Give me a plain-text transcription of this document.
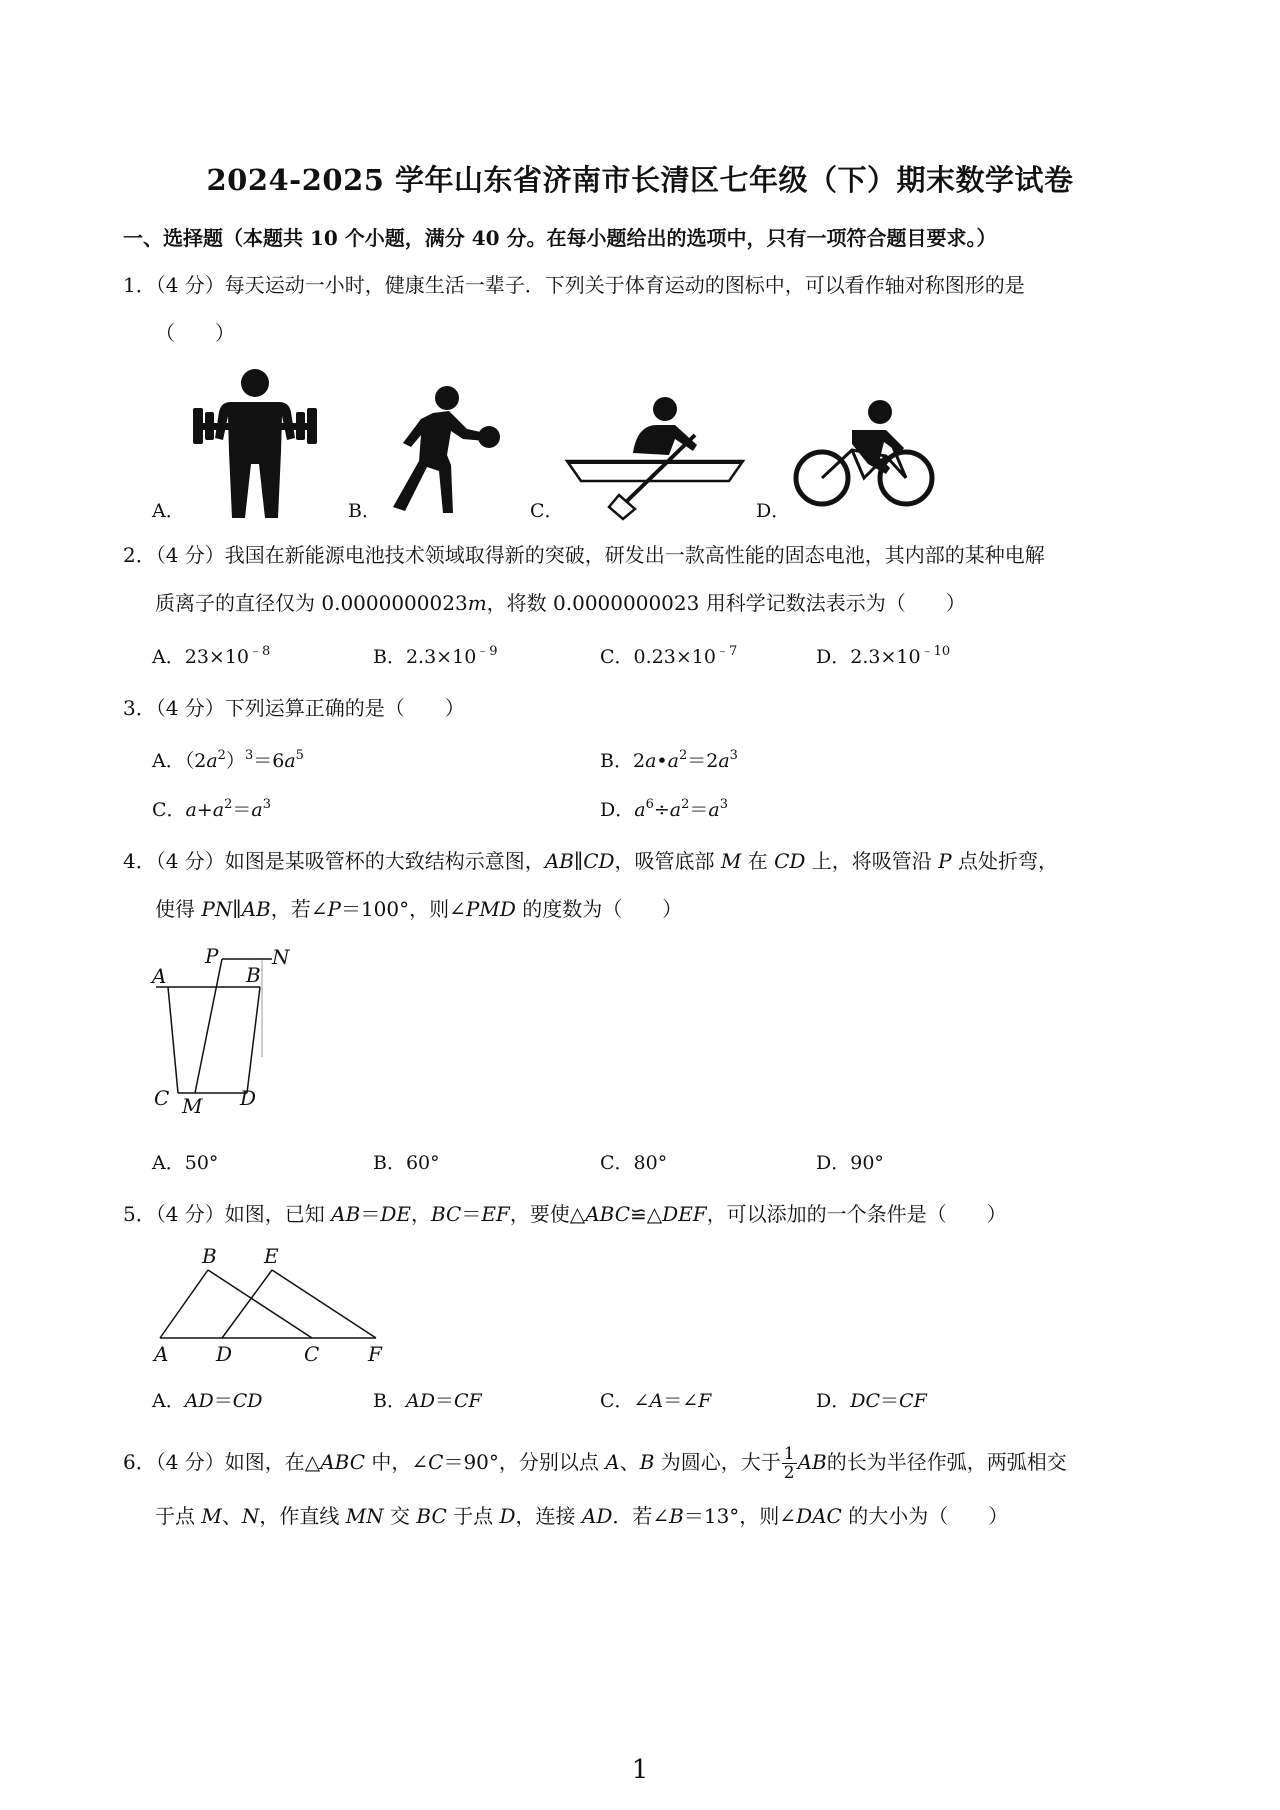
2024-2025 学年山东省济南市长清区七年级（下）期末数学试卷
一、选择题（本题共 10 个小题，满分 40 分。在每小题给出的选项中，只有一项符合题目要求。）
1．（4 分）每天运动一小时，健康生活一辈子．下列关于体育运动的图标中，可以看作轴对称图形的是
（　　）
A．	B．	C．	D．
2．（4 分）我国在新能源电池技术领域取得新的突破，研发出一款高性能的固态电池，其内部的某种电解
质离子的直径仅为 0.0000000023m，将数 0.0000000023 用科学记数法表示为（　　）
A．$23\times 10^{﹣8}$	B．$2.3\times 10^{﹣9}$	C．$0.23\times 10^{﹣7}$	D．$2.3\times 10^{﹣10}$
3．（4 分）下列运算正确的是（　　）
A．$(2a^2)^3=6a^5$	B．$2a•a^2=2a^3$
C．$a+a^2=a^3$	D．$a^6\div a^2=a^3$
4．（4 分）如图是某吸管杯的大致结构示意图，AB∥CD，吸管底部 M 在 CD 上，将吸管沿 P 点处折弯，
使得 PN∥AB，若∠P＝100°，则∠PMD 的度数为（　　）
A	B
C	D
M
N
P
A．50°	B．60°	C．80°	D．90°
5．（4 分）如图，已知 AB＝DE，BC＝EF，要使△ABC≌△DEF，可以添加的一个条件是（　　）
B E
A D	C F
A．AD＝CD	B．AD＝CF	C．∠A＝∠F	D．DC＝CF
6．（4 分）如图，在△ABC 中，∠C＝90°，分别以点 A、B 为圆心，大于 $\frac{1}{2}$ AB的长为半径作弧，两弧相交
于点 M、N，作直线 MN 交 BC 于点 D，连接 AD．若∠B＝13°，则∠DAC 的大小为（　　）
1
